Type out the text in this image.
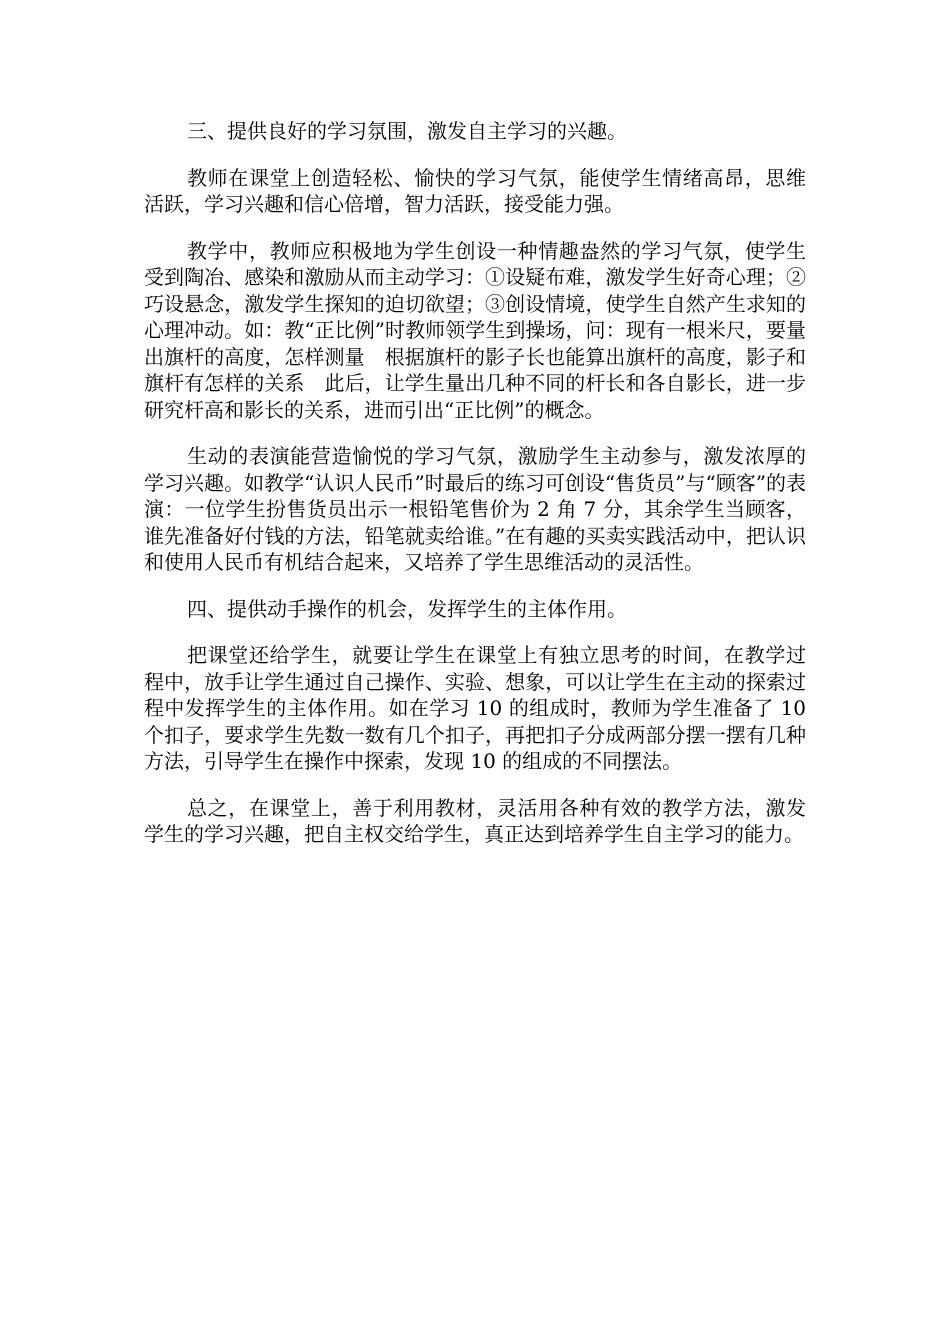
三、提供良好的学习氛围，激发自主学习的兴趣。

教师在课堂上创造轻松、愉快的学习气氛，能使学生情绪高昂，思维活跃，学习兴趣和信心倍增，智力活跃，接受能力强。

教学中，教师应积极地为学生创设一种情趣盎然的学习气氛，使学生受到陶冶、感染和激励从而主动学习：①设疑布难，激发学生好奇心理；②巧设悬念，激发学生探知的迫切欲望；③创设情境，使学生自然产生求知的心理冲动。如：教“正比例”时教师领学生到操场，问：现有一根米尺，要量出旗杆的高度，怎样测量　根据旗杆的影子长也能算出旗杆的高度，影子和旗杆有怎样的关系　此后，让学生量出几种不同的杆长和各自影长，进一步研究杆高和影长的关系，进而引出“正比例”的概念。

生动的表演能营造愉悦的学习气氛，激励学生主动参与，激发浓厚的学习兴趣。如教学“认识人民币”时最后的练习可创设“售货员”与“顾客”的表演：一位学生扮售货员出示一根铅笔售价为 2 角 7 分，其余学生当顾客，谁先准备好付钱的方法，铅笔就卖给谁。”在有趣的买卖实践活动中，把认识和使用人民币有机结合起来，又培养了学生思维活动的灵活性。

四、提供动手操作的机会，发挥学生的主体作用。

把课堂还给学生，就要让学生在课堂上有独立思考的时间，在教学过程中，放手让学生通过自己操作、实验、想象，可以让学生在主动的探索过程中发挥学生的主体作用。如在学习 10 的组成时，教师为学生准备了 10 个扣子，要求学生先数一数有几个扣子，再把扣子分成两部分摆一摆有几种方法，引导学生在操作中探索，发现 10 的组成的不同摆法。

总之，在课堂上，善于利用教材，灵活用各种有效的教学方法，激发学生的学习兴趣，把自主权交给学生，真正达到培养学生自主学习的能力。
